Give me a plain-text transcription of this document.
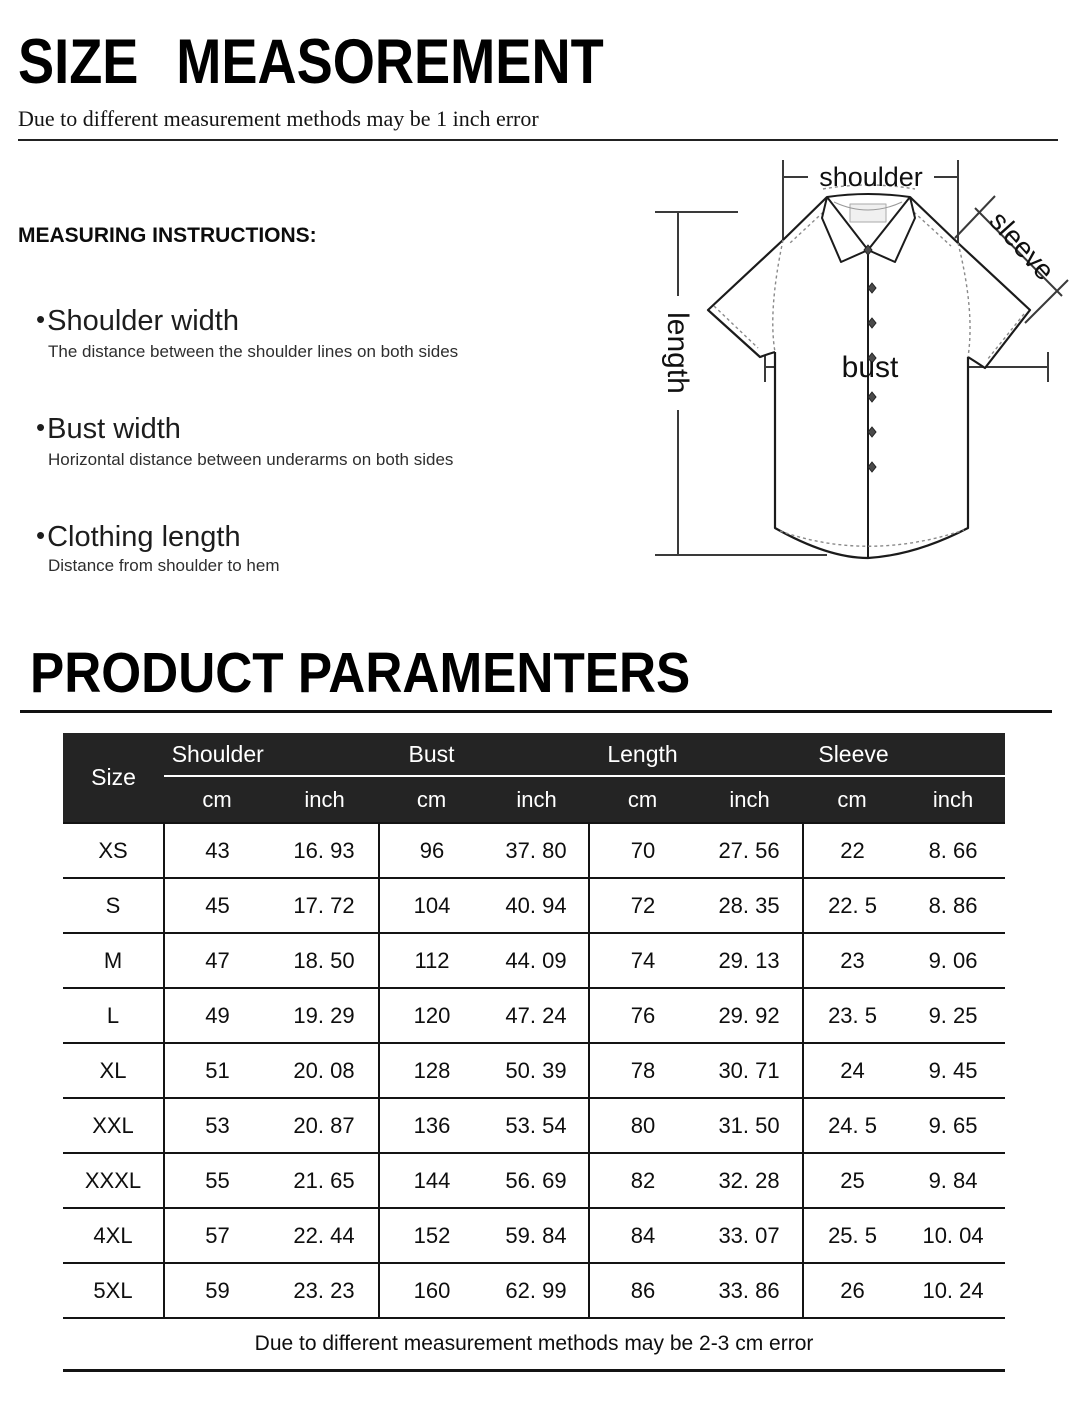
SIZE MEASOREMENT
Due to different measurement methods may be 1 inch error
MEASURING INSTRUCTIONS:
•Shoulder width
The distance between the shoulder lines on both sides
•Bust width
Horizontal distance between underarms on both sides
•Clothing length
Distance from shoulder to hem
shoulder
sleeve
length	bust
PRODUCT PARAMENTERS
Size	Shoulder		Bust		Length		Sleeve	
	cm	inch	cm	inch	cm	inch	cm	inch
XS	43	16. 93	96	37. 80	70	27. 56	22	8. 66
S	45	17. 72	104	40. 94	72	28. 35	22. 5	8. 86
M	47	18. 50	112	44. 09	74	29. 13	23	9. 06
L	49	19. 29	120	47. 24	76	29. 92	23. 5	9. 25
XL	51	20. 08	128	50. 39	78	30. 71	24	9. 45
XXL	53	20. 87	136	53. 54	80	31. 50	24. 5	9. 65
XXXL	55	21. 65	144	56. 69	82	32. 28	25	9. 84
4XL	57	22. 44	152	59. 84	84	33. 07	25. 5	10. 04
5XL	59	23. 23	160	62. 99	86	33. 86	26	10. 24
Due to different measurement methods may be 2-3 cm error								
